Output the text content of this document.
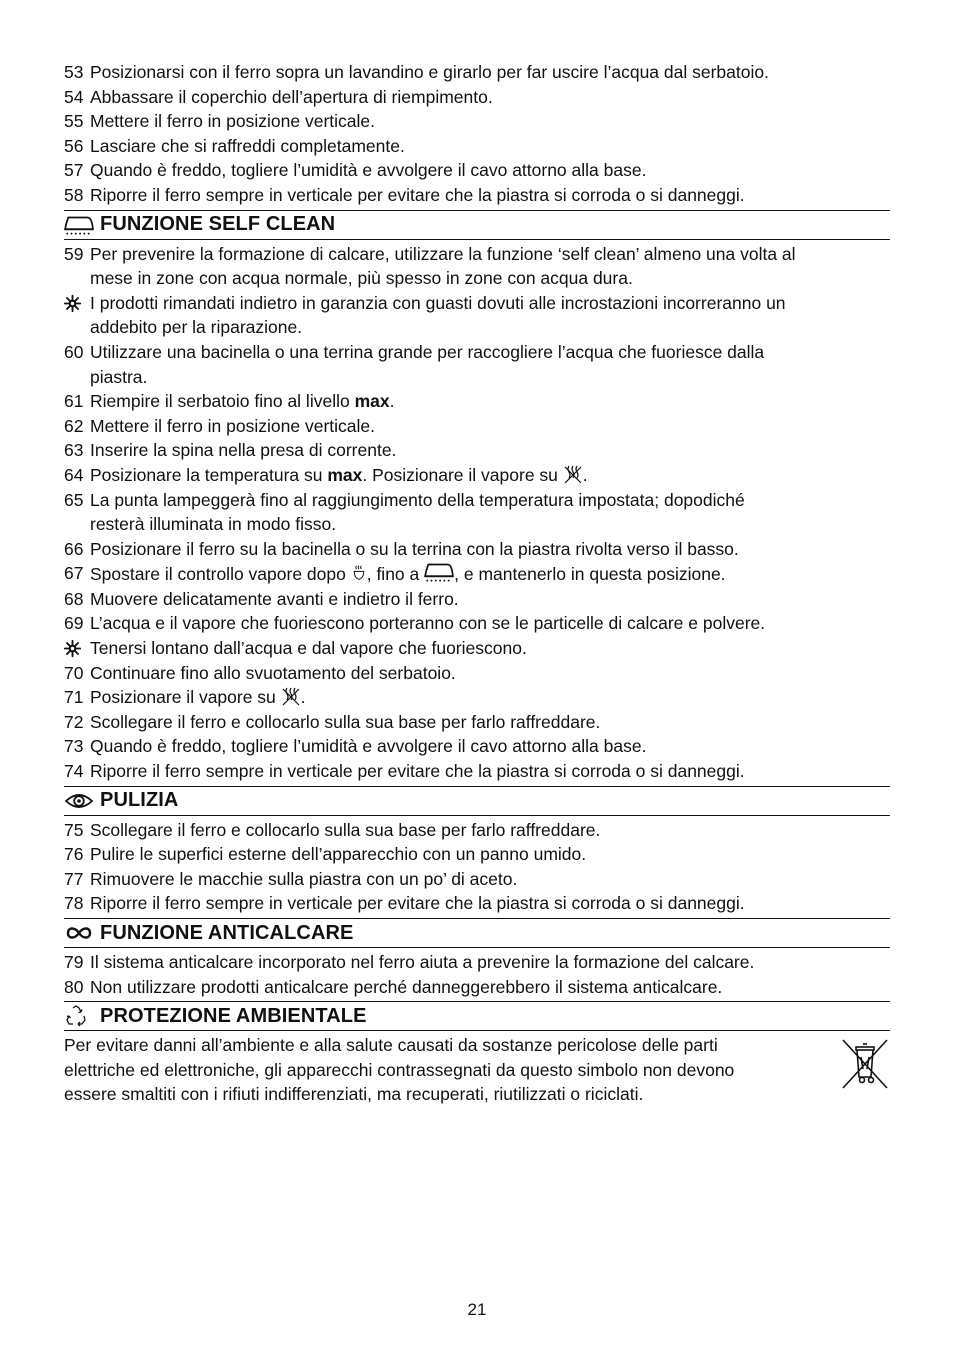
53 Posizionarsi con il ferro sopra un lavandino e girarlo per far uscire l’acqua dal serbatoio.
54 Abbassare il coperchio dell’apertura di riempimento.
55 Mettere il ferro in posizione verticale.
56 Lasciare che si raffreddi completamente.
57 Quando è freddo, togliere l’umidità e avvolgere il cavo attorno alla base.
58 Riporre il ferro sempre in verticale per evitare che la piastra si corroda o si danneggi.
FUNZIONE SELF CLEAN
59 Per prevenire la formazione di calcare, utilizzare la funzione ‘self clean’ almeno una volta al
mese in zone con acqua normale, più spesso in zone con acqua dura.
I prodotti rimandati indietro in garanzia con guasti dovuti alle incrostazioni incorreranno un
addebito per la riparazione.
60 Utilizzare una bacinella o una terrina grande per raccogliere l’acqua che fuoriesce dalla
piastra.
61 Riempire il serbatoio fino al livello max.
62 Mettere il ferro in posizione verticale.
63 Inserire la spina nella presa di corrente.
64 Posizionare la temperatura su max. Posizionare il vapore su .
65 La punta lampeggerà fino al raggiungimento della temperatura impostata; dopodiché
resterà illuminata in modo fisso.
66 Posizionare il ferro su la bacinella o su la terrina con la piastra rivolta verso il basso.
67 Spostare il controllo vapore dopo , fino a , e mantenerlo in questa posizione.
68 Muovere delicatamente avanti e indietro il ferro.
69 L’acqua e il vapore che fuoriescono porteranno con se le particelle di calcare e polvere.
Tenersi lontano dall’acqua e dal vapore che fuoriescono.
70 Continuare fino allo svuotamento del serbatoio.
71 Posizionare il vapore su .
72 Scollegare il ferro e collocarlo sulla sua base per farlo raffreddare.
73 Quando è freddo, togliere l’umidità e avvolgere il cavo attorno alla base.
74 Riporre il ferro sempre in verticale per evitare che la piastra si corroda o si danneggi.
PULIZIA
75 Scollegare il ferro e collocarlo sulla sua base per farlo raffreddare.
76 Pulire le superfici esterne dell’apparecchio con un panno umido.
77 Rimuovere le macchie sulla piastra con un po’ di aceto.
78 Riporre il ferro sempre in verticale per evitare che la piastra si corroda o si danneggi.
FUNZIONE ANTICALCARE
79 Il sistema anticalcare incorporato nel ferro aiuta a prevenire la formazione del calcare.
80 Non utilizzare prodotti anticalcare perché danneggerebbero il sistema anticalcare.
PROTEZIONE AMBIENTALE
Per evitare danni all’ambiente e alla salute causati da sostanze pericolose delle parti
elettriche ed elettroniche, gli apparecchi contrassegnati da questo simbolo non devono
essere smaltiti con i rifiuti indifferenziati, ma recuperati, riutilizzati o riciclati.
21
